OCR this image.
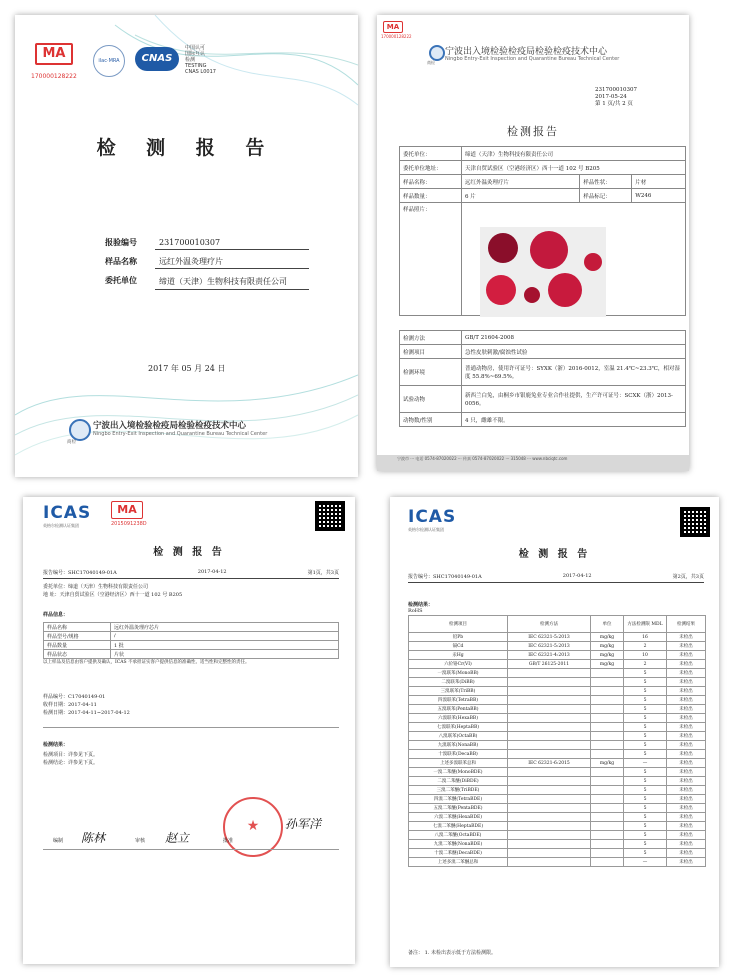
MA
170000128222
ilac·MRA	CNAS
中国认可
国际互认
检测
TESTING
CNAS L0017
检 测 报 告
报验编号	231700010307
样品名称	远红外温灸理疗片
委托单位	缔道（天津）生物科技有限责任公司
2017 年 05 月 24 日
宁波出入境检验检疫局检验检疫技术中心
Ningbo Entry-Exit Inspection and Quarantine Bureau Technical Center
商检
MA
170000128222
宁波出入境检验检疫局检验检疫技术中心
Ningbo Entry-Exit Inspection and Quarantine Bureau Technical Center
商检
231700010307
2017-05-24
第 1 页/共 2 页
检测报告
委托单位：	缔道（天津）生物科技有限责任公司		
委托单位地址：	天津自贸试验区（空港经济区）西十一道 102 号 B205		
样品名称：	远红外温灸理疗片	样品性状：	片材
样品数量：	6 片	样品标记：	W246
样品照片：			
检测方法	GB/T 21604-2008
检测项目	急性皮肤刺激/腐蚀性试验
检测环境	普通动物房，使用许可证号：SYXK（浙）2016-0012，室温 21.4℃~23.3℃，相对湿度 55.8%~69.5%。
试验动物	新西兰白兔，由桐乡市银鹿兔业专业合作社提供，生产许可证号：SCXK（浙）2013-0056。
动物数/性别	4 只，雌雄不限。
宁波市 ··· 电话 0574-87020022 ··· 传真 0574-87020022 ··· 315048 ··· www.nbciqtc.com
ICAS
英格尔检测认证集团
MA
2015091238D
检 测 报 告
报告编号：SHC17040149-01A	2017-04-12	第1页，共3页
委托单位：缔道（天津）生物科技有限责任公司
地 址：天津自贸试验区（空港经济区）西十一道 102 号 B205
样品信息：
样品名称	远红外温灸理疗芯片
样品型号/规格	/
样品数量	1 批
样品状态	片状
以上样品及信息由客户提供及确认，ICAS 不承担证实客户提供信息的准确性、适当性和完整性的责任。
样品编号：C17040149-01
收样日期：2017-04-11
检测日期：2017-04-11~2017-04-12
检测结果：
检测项目：详参见下页。
检测结论：详参见下页。
★
编制 陈林	审核 赵立	批准
孙军洋
ICAS
英格尔检测认证集团
检 测 报 告
报告编号：SHC17040149-01A	2017-04-12	第2页，共3页
检测结果：
RoHS
检测项目	检测方法	单位	方法检测限 MDL	检测结果
铅Pb	IEC 62321-5:2013	mg/kg	16	未检出
镉Cd	IEC 62321-5:2013	mg/kg	2	未检出
汞Hg	IEC 62321-4:2013	mg/kg	10	未检出
六价铬Cr(VI)	GB/T 26125-2011	mg/kg	2	未检出
一溴联苯(MonoBB)			5	未检出
二溴联苯(DiBB)			5	未检出
三溴联苯(TriBB)			5	未检出
四溴联苯(TetraBB)			5	未检出
五溴联苯(PentaBB)			5	未检出
六溴联苯(HexaBB)			5	未检出
七溴联苯(HeptaBB)			5	未检出
八溴联苯(OctaBB)			5	未检出
九溴联苯(NonaBB)			5	未检出
十溴联苯(DecaBB)			5	未检出
上述多溴联苯总和	IEC 62321-6:2015	mg/kg	—	未检出
一溴二苯醚(MonoBDE)			5	未检出
二溴二苯醚(DiBDE)			5	未检出
三溴二苯醚(TriBDE)			5	未检出
四溴二苯醚(TetraBDE)			5	未检出
五溴二苯醚(PentaBDE)			5	未检出
六溴二苯醚(HexaBDE)			5	未检出
七溴二苯醚(HeptaBDE)			5	未检出
八溴二苯醚(OctaBDE)			5	未检出
九溴二苯醚(NonaBDE)			5	未检出
十溴二苯醚(DecaBDE)			5	未检出
上述多溴二苯醚总和			—	未检出
备注： 1. 未检出表示低于方法检测限。
